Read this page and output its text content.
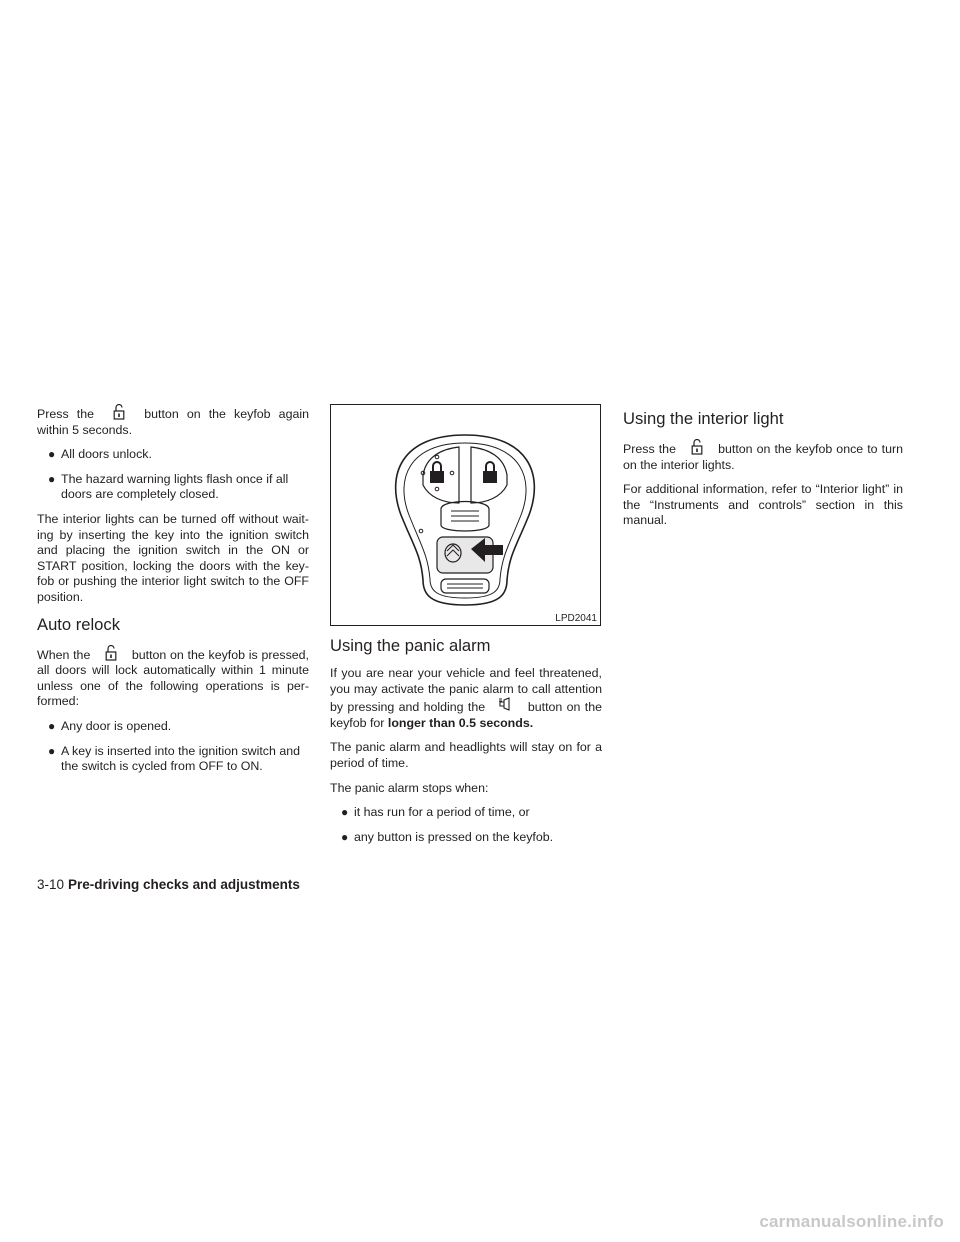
Press the	button on the keyfob again within 5 seconds.

● All doors unlock.
● The hazard warning lights flash once if all doors are completely closed.

The interior lights can be turned off without wait-ing by inserting the key into the ignition switch and placing the ignition switch in the ON or START position, locking the doors with the key-fob or pushing the interior light switch to the OFF position.

Auto relock

When the	button on the keyfob is pressed, all doors will lock automatically within 1 minute unless one of the following operations is per-formed:

● Any door is opened.
● A key is inserted into the ignition switch and the switch is cycled from OFF to ON.
LPD2041
Using the panic alarm

If you are near your vehicle and feel threatened, you may activate the panic alarm to call attention by pressing and holding the	button on the keyfob for longer than 0.5 seconds.

The panic alarm and headlights will stay on for a period of time.

The panic alarm stops when:

● it has run for a period of time, or
● any button is pressed on the keyfob.
Using the interior light

Press the	button on the keyfob once to turn on the interior lights.

For additional information, refer to “Interior light” in the “Instruments and controls” section in this manual.

3-10 Pre-driving checks and adjustments
carmanualsonline.info
